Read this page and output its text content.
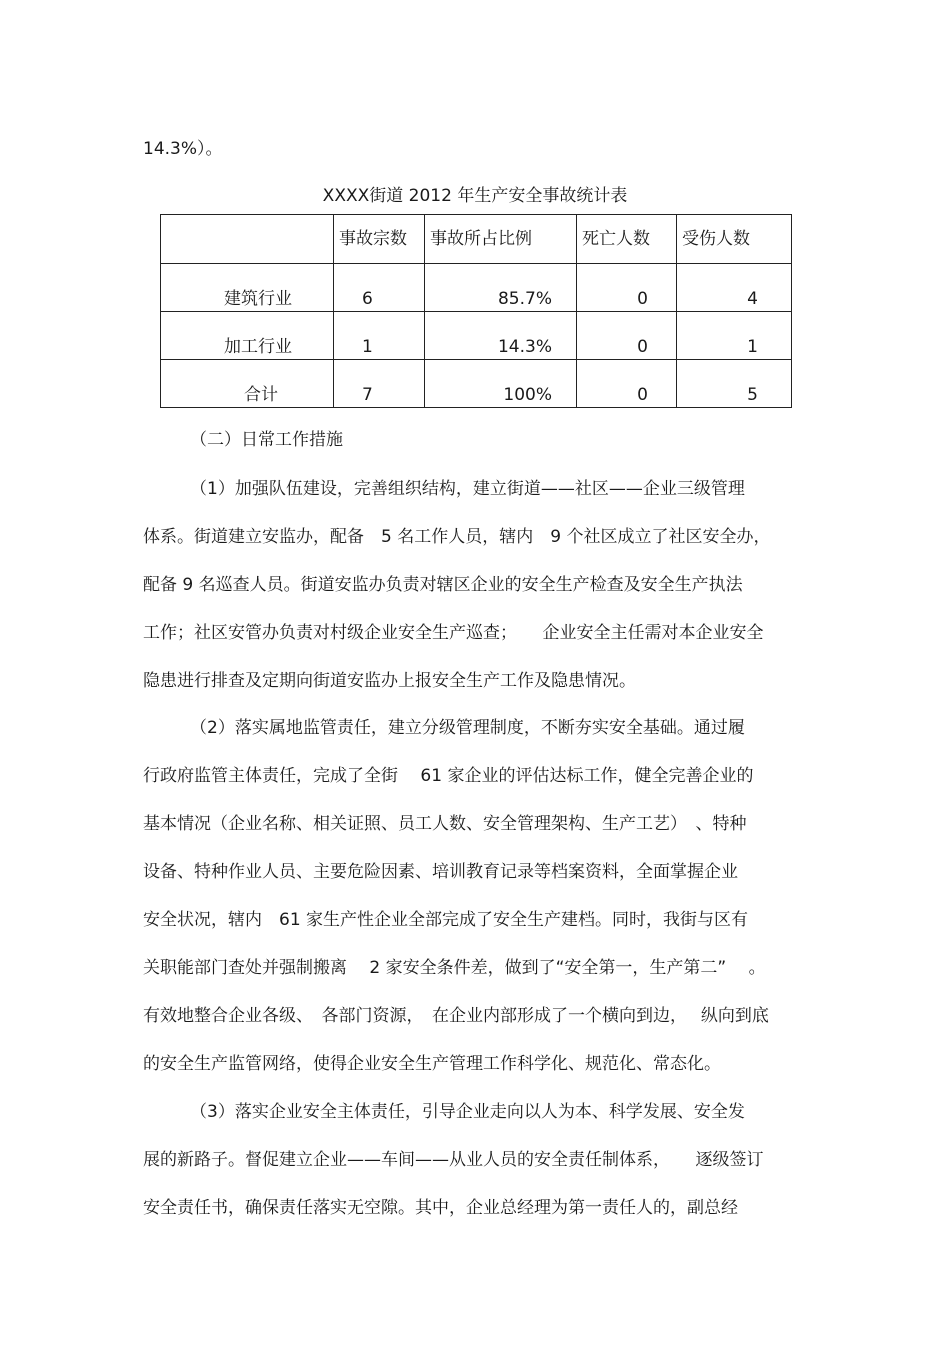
14.3%）。
XXXX街道 2012 年生产安全事故统计表
	事故宗数	事故所占比例	死亡人数	受伤人数
建筑行业	6	85.7%	0	4
加工行业	1	14.3%	0	1
合计	7	100%	0	5
（二）日常工作措施
（1）加强队伍建设，完善组织结构，建立街道——社区——企业三级管理
体系。街道建立安监办，配备　5 名工作人员，辖内　9 个社区成立了社区安全办，
配备 9 名巡查人员。街道安监办负责对辖区企业的安全生产检查及安全生产执法
工作；社区安管办负责对村级企业安全生产巡查；　　企业安全主任需对本企业安全
隐患进行排查及定期向街道安监办上报安全生产工作及隐患情况。
（2）落实属地监管责任，建立分级管理制度，不断夯实安全基础。通过履
行政府监管主体责任，完成了全街　 61 家企业的评估达标工作，健全完善企业的
基本情况（企业名称、相关证照、员工人数、安全管理架构、生产工艺）　、特种
设备、特种作业人员、主要危险因素、培训教育记录等档案资料，全面掌握企业
安全状况，辖内　61 家生产性企业全部完成了安全生产建档。同时，我街与区有
关职能部门查处并强制搬离　 2 家安全条件差，做到了“安全第一，生产第二”　 。
有效地整合企业各级、　各部门资源，　在企业内部形成了一个横向到边，　 纵向到底
的安全生产监管网络，使得企业安全生产管理工作科学化、规范化、常态化。
（3）落实企业安全主体责任，引导企业走向以人为本、科学发展、安全发
展的新路子。督促建立企业——车间——从业人员的安全责任制体系，　　逐级签订
安全责任书，确保责任落实无空隙。其中，企业总经理为第一责任人的，副总经
